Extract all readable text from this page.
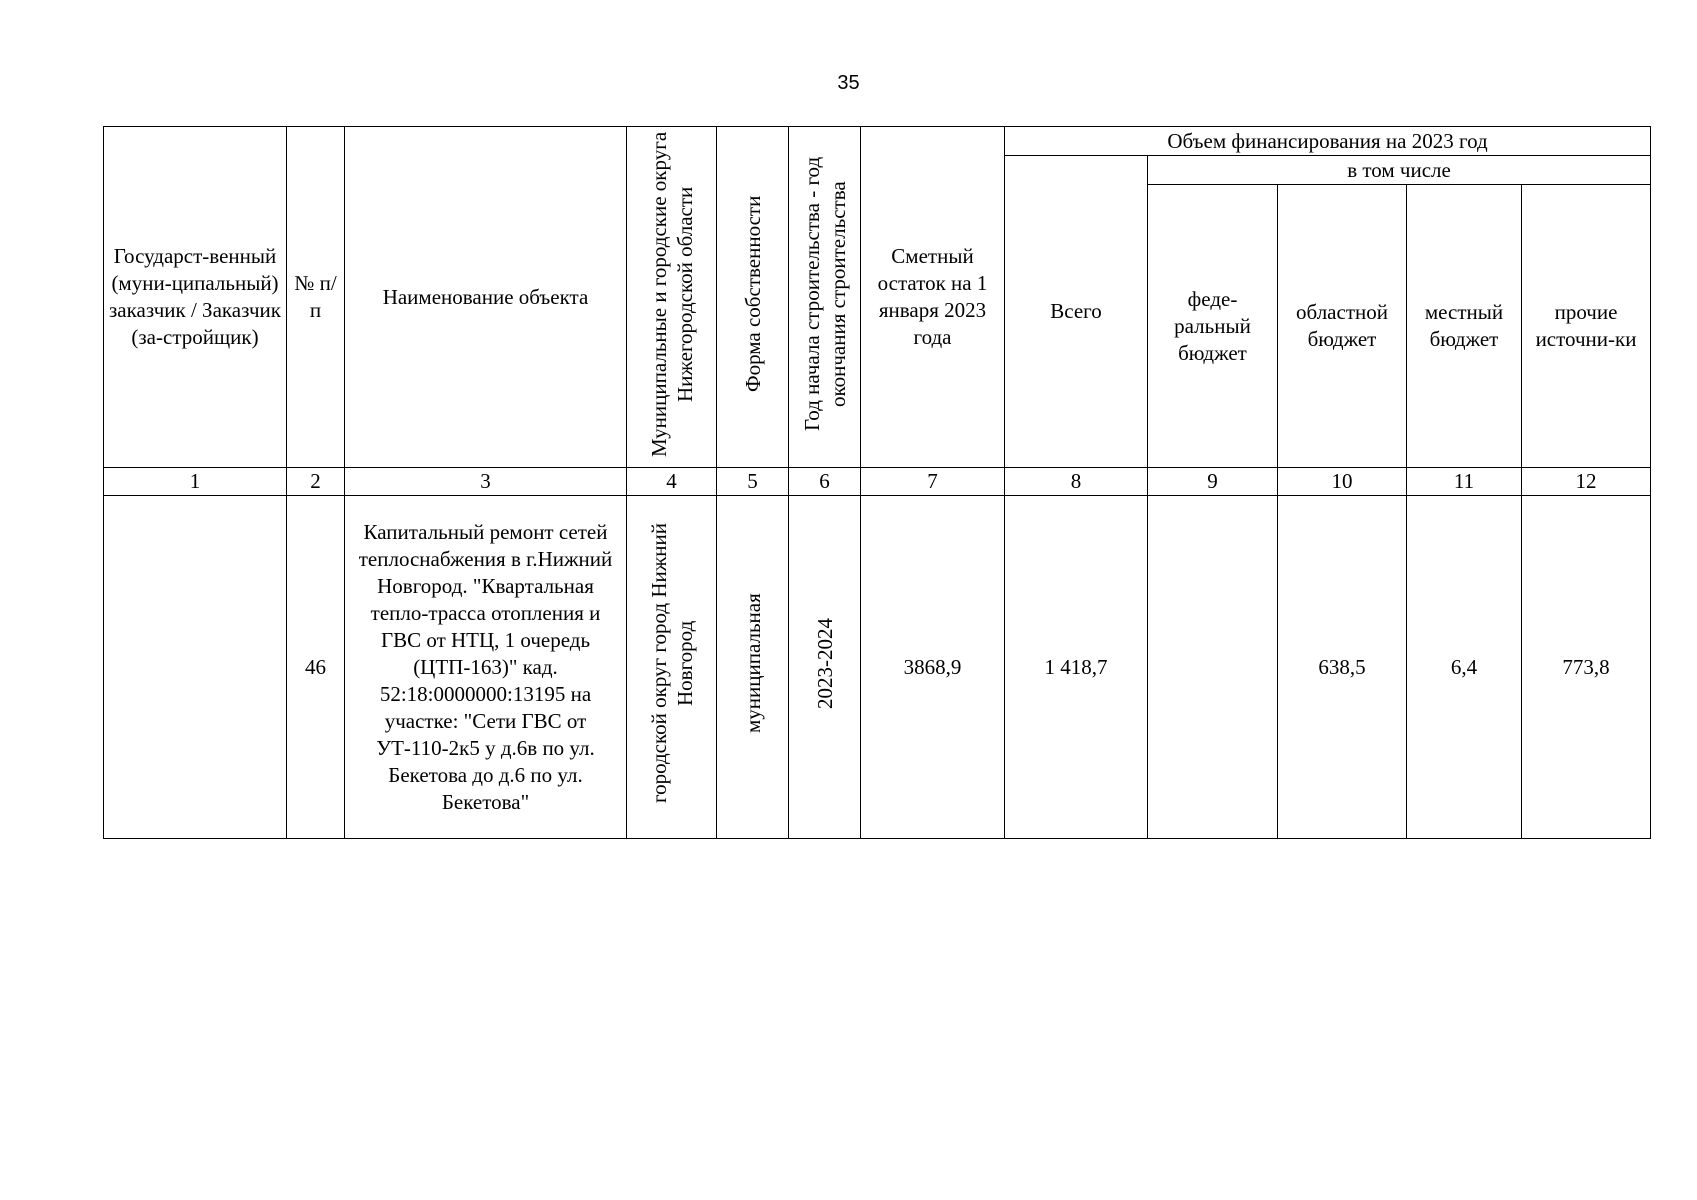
35
Государст-венный (муни-ципальный) заказчик / Заказчик (за-стройщик)	№ п/п	Наименование объекта	Муниципальные и городские округа Нижегородской области	Форма собственности	Год начала строительства - год окончания строительства	Сметный остаток на 1 января 2023 года	Объем финансирования на 2023 год				
							Всего	в том числе			
								феде-ральный бюджет	областной бюджет	местный бюджет	прочие источни-ки
1	2	3	4	5	6	7	8	9	10	11	12
	46	Капитальный ремонт сетей теплоснабжения в г.Нижний Новгород. "Квартальная тепло-трасса отопления и ГВС от НТЦ, 1 очередь (ЦТП-163)" кад. 52:18:0000000:13195 на участке: "Сети ГВС от УТ-110-2к5 у д.6в по ул. Бекетова до д.6 по ул. Бекетова"	городской округ город Нижний Новгород	муниципальная	2023-2024	3868,9	1 418,7		638,5	6,4	773,8
